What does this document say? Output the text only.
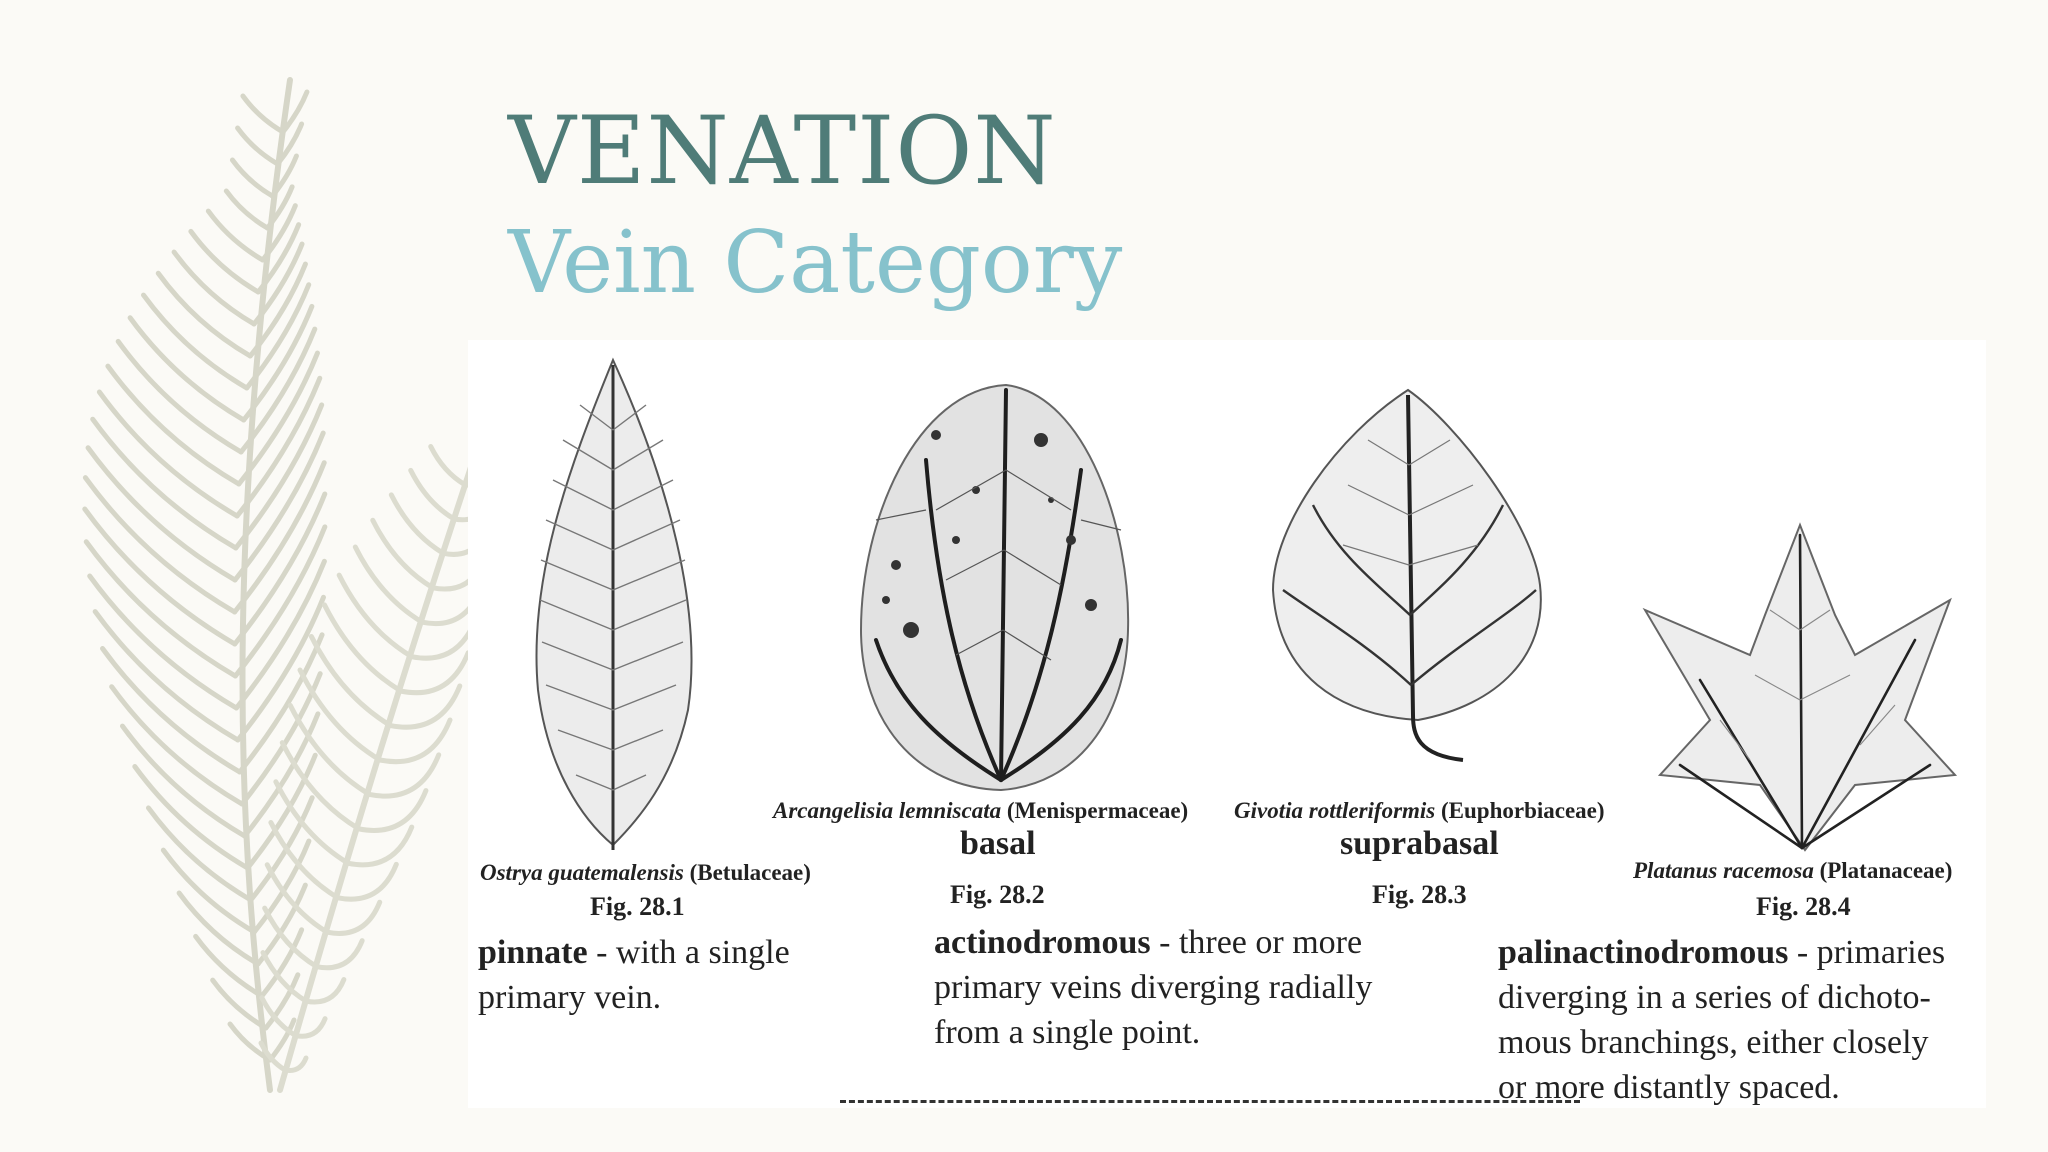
VENATION
Vein Category
Ostrya guatemalensis (Betulaceae)
Fig. 28.1
pinnate - with a single
primary vein.
Arcangelisia lemniscata (Menispermaceae)
basal
Fig. 28.2
actinodromous - three or more
primary veins diverging radially
from a single point.
Givotia rottleriformis (Euphorbiaceae)
suprabasal
Fig. 28.3
Platanus racemosa (Platanaceae)
Fig. 28.4
palinactinodromous - primaries
diverging in a series of dichoto-
mous branchings, either closely
or more distantly spaced.
